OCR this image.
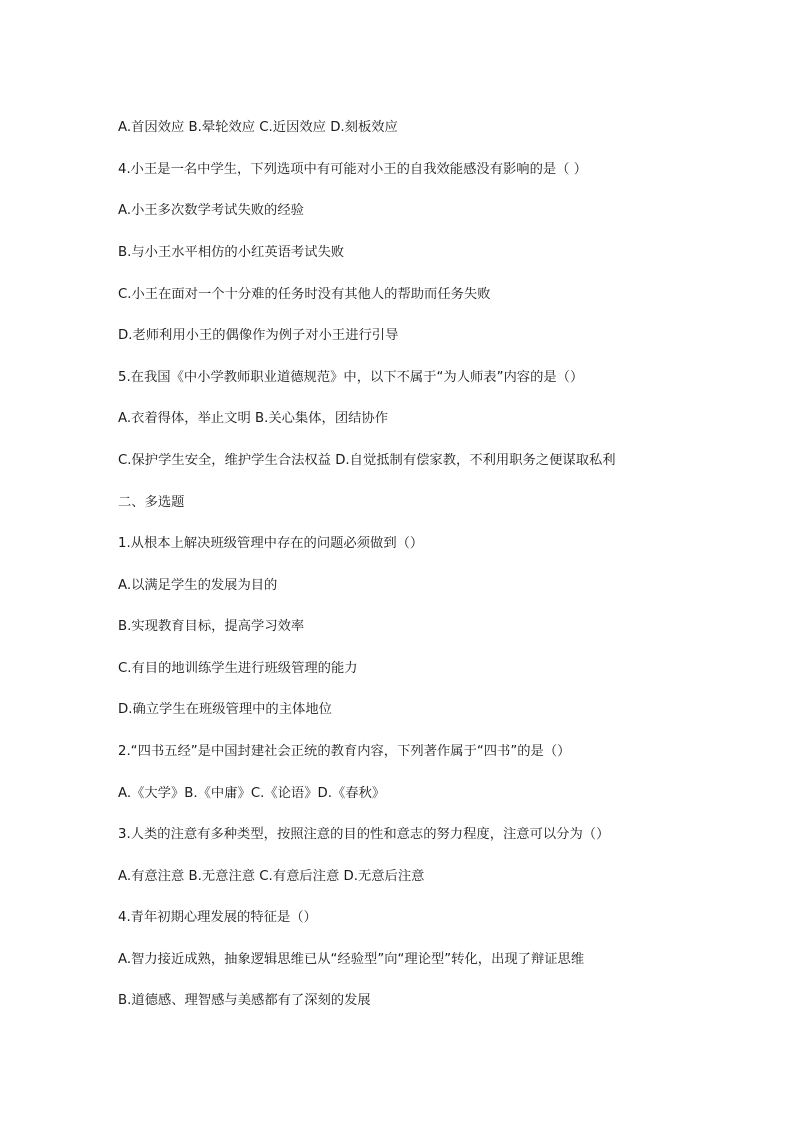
A.首因效应 B.晕轮效应 C.近因效应 D.刻板效应
4.小王是一名中学生，下列选项中有可能对小王的自我效能感没有影响的是（ ）
A.小王多次数学考试失败的经验
B.与小王水平相仿的小红英语考试失败
C.小王在面对一个十分难的任务时没有其他人的帮助而任务失败
D.老师利用小王的偶像作为例子对小王进行引导
5.在我国《中小学教师职业道德规范》中，以下不属于“为人师表”内容的是（）
A.衣着得体，举止文明 B.关心集体，团结协作
C.保护学生安全，维护学生合法权益 D.自觉抵制有偿家教，不利用职务之便谋取私利
二、多选题
1.从根本上解决班级管理中存在的问题必须做到（）
A.以满足学生的发展为目的
B.实现教育目标，提高学习效率
C.有目的地训练学生进行班级管理的能力
D.确立学生在班级管理中的主体地位
2.“四书五经”是中国封建社会正统的教育内容，下列著作属于“四书”的是（）
A.《大学》B.《中庸》C.《论语》D.《春秋》
3.人类的注意有多种类型，按照注意的目的性和意志的努力程度，注意可以分为（）
A.有意注意 B.无意注意 C.有意后注意 D.无意后注意
4.青年初期心理发展的特征是（）
A.智力接近成熟，抽象逻辑思维已从“经验型”向“理论型”转化，出现了辩证思维
B.道德感、理智感与美感都有了深刻的发展
